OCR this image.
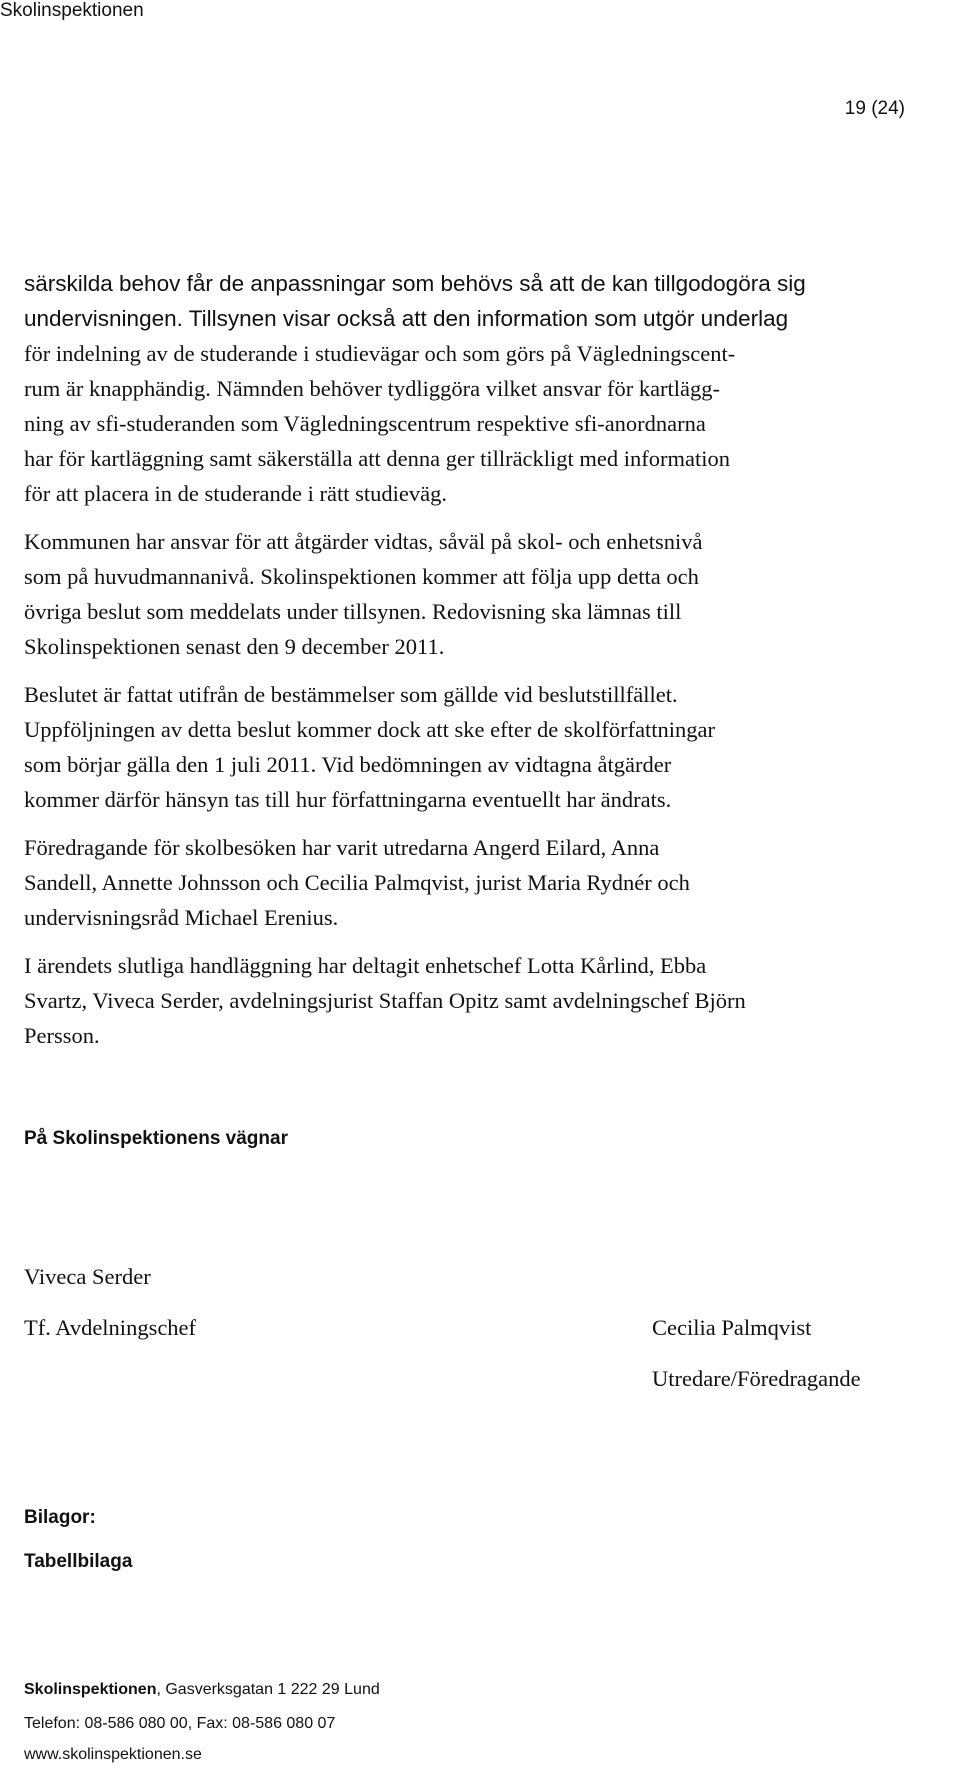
Skolinspektionen
19 (24)

särskilda behov får de anpassningar som behövs så att de kan tillgodogöra sig
undervisningen. Tillsynen visar också att den information som utgör underlag
för indelning av de studerande i studievägar och som görs på Vägledningscent-
rum är knapphändig. Nämnden behöver tydliggöra vilket ansvar för kartlägg-
ning av sfi-studeranden som Vägledningscentrum respektive sfi-anordnarna
har för kartläggning samt säkerställa att denna ger tillräckligt med information
för att placera in de studerande i rätt studieväg.

Kommunen har ansvar för att åtgärder vidtas, såväl på skol- och enhetsnivå
som på huvudmannanivå. Skolinspektionen kommer att följa upp detta och
övriga beslut som meddelats under tillsynen. Redovisning ska lämnas till
Skolinspektionen senast den 9 december 2011.

Beslutet är fattat utifrån de bestämmelser som gällde vid beslutstillfället.
Uppföljningen av detta beslut kommer dock att ske efter de skolförfattningar
som börjar gälla den 1 juli 2011. Vid bedömningen av vidtagna åtgärder
kommer därför hänsyn tas till hur författningarna eventuellt har ändrats.

Föredragande för skolbesöken har varit utredarna Angerd Eilard, Anna
Sandell, Annette Johnsson och Cecilia Palmqvist, jurist Maria Rydnér och
undervisningsråd Michael Erenius.

I ärendets slutliga handläggning har deltagit enhetschef Lotta Kårlind, Ebba
Svartz, Viveca Serder, avdelningsjurist Staffan Opitz samt avdelningschef Björn
Persson.

På Skolinspektionens vägnar
Viveca Serder
Tf. Avdelningschef	Cecilia Palmqvist
Utredare/Föredragande
Bilagor:
Tabellbilaga
Skolinspektionen, Gasverksgatan 1 222 29 Lund
Telefon: 08-586 080 00, Fax: 08-586 080 07
www.skolinspektionen.se
